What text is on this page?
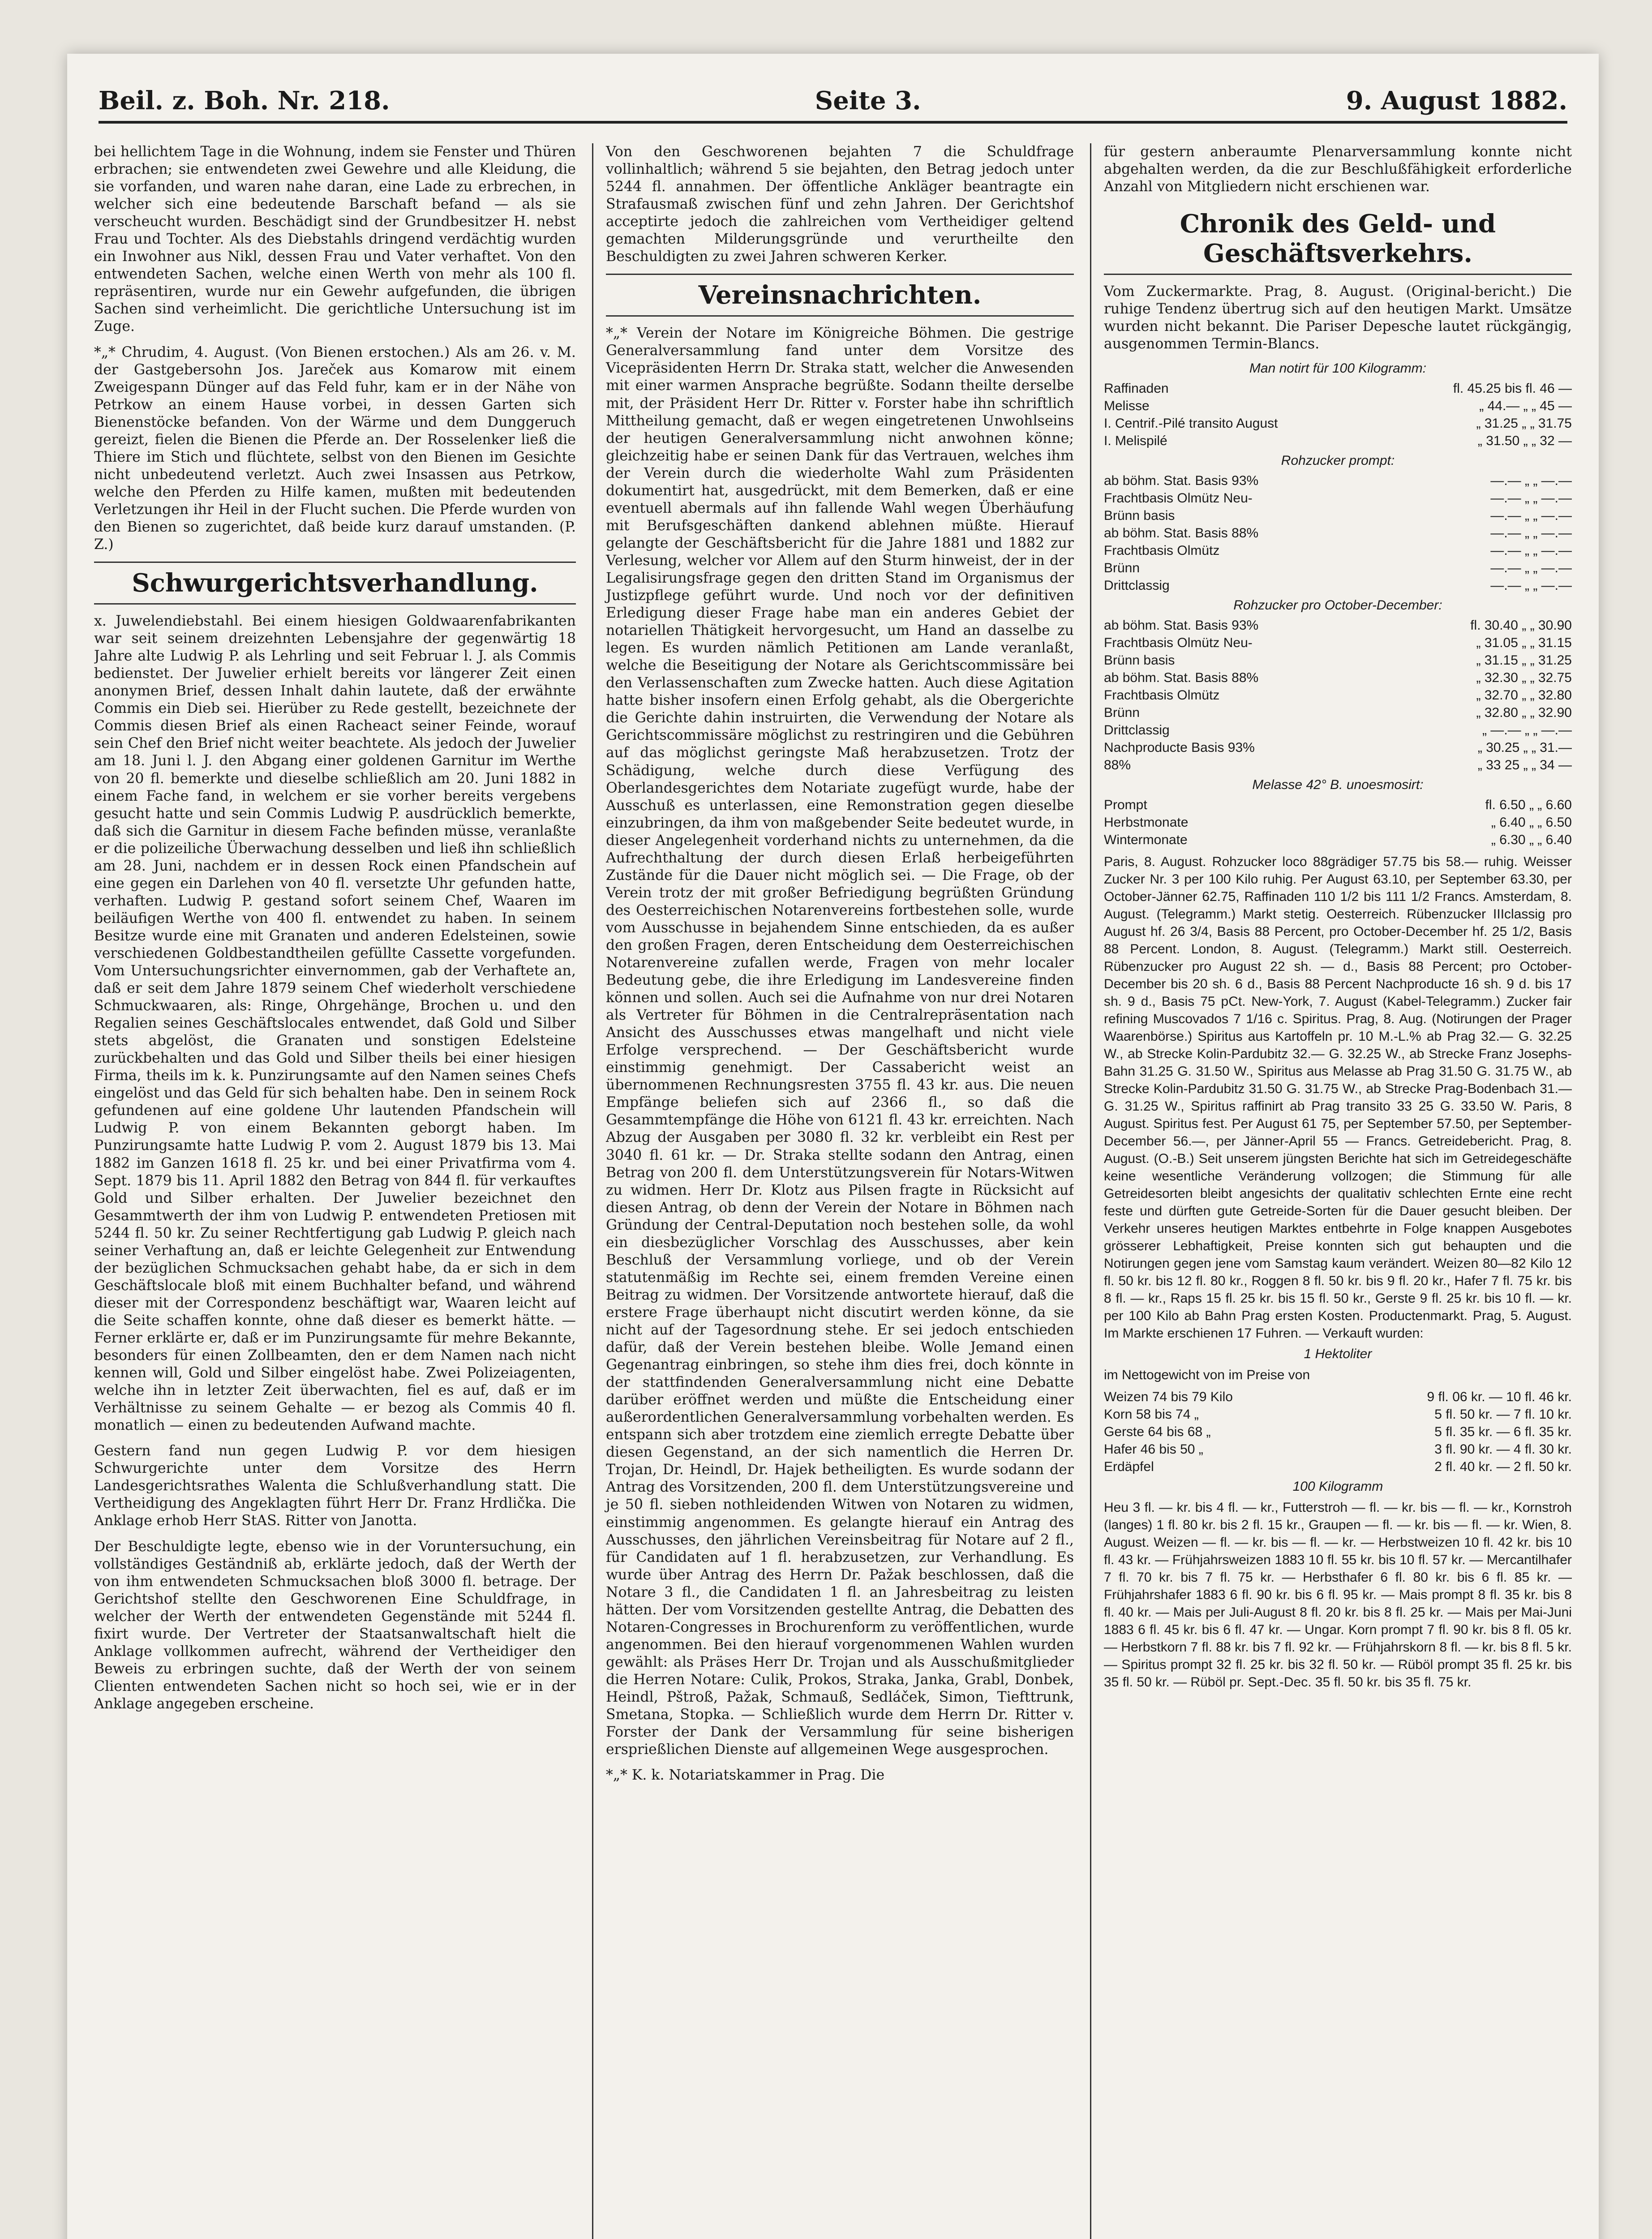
Beil. z. Boh. Nr. 218.	Seite 3.	9. August 1882.

bei hellichtem Tage in die Wohnung, indem sie Fenster und Thüren erbrachen; sie entwendeten zwei Gewehre und alle Kleidung, die sie vorfanden, und waren nahe daran, eine Lade zu erbrechen, in welcher sich eine bedeutende Barschaft befand — als sie verscheucht wurden. Beschädigt sind der Grundbesitzer H. nebst Frau und Tochter. Als des Diebstahls dringend verdächtig wurden ein Inwohner aus Nikl, dessen Frau und Vater verhaftet. Von den entwendeten Sachen, welche einen Werth von mehr als 100 fl. repräsentiren, wurde nur ein Gewehr aufgefunden, die übrigen Sachen sind verheimlicht. Die gerichtliche Untersuchung ist im Zuge.

*„* Chrudim, 4. August. (Von Bienen erstochen.) Als am 26. v. M. der Gastgebersohn Jos. Jareček aus Komarow mit einem Zweigespann Dünger auf das Feld fuhr, kam er in der Nähe von Petrkow an einem Hause vorbei, in dessen Garten sich Bienenstöcke befanden. Von der Wärme und dem Dunggeruch gereizt, fielen die Bienen die Pferde an. Der Rosselenker ließ die Thiere im Stich und flüchtete, selbst von den Bienen im Gesichte nicht unbedeutend verletzt. Auch zwei Insassen aus Petrkow, welche den Pferden zu Hilfe kamen, mußten mit bedeutenden Verletzungen ihr Heil in der Flucht suchen. Die Pferde wurden von den Bienen so zugerichtet, daß beide kurz darauf umstanden. (P. Z.)

Schwurgerichtsverhandlung.

x. Juwelendiebstahl. Bei einem hiesigen Goldwaarenfabrikanten war seit seinem dreizehnten Lebensjahre der gegenwärtig 18 Jahre alte Ludwig P. als Lehrling und seit Februar l. J. als Commis bedienstet. Der Juwelier erhielt bereits vor längerer Zeit einen anonymen Brief, dessen Inhalt dahin lautete, daß der erwähnte Commis ein Dieb sei. Hierüber zu Rede gestellt, bezeichnete der Commis diesen Brief als einen Racheact seiner Feinde, worauf sein Chef den Brief nicht weiter beachtete. Als jedoch der Juwelier am 18. Juni l. J. den Abgang einer goldenen Garnitur im Werthe von 20 fl. bemerkte und dieselbe schließlich am 20. Juni 1882 in einem Fache fand, in welchem er sie vorher bereits vergebens gesucht hatte und sein Commis Ludwig P. ausdrücklich bemerkte, daß sich die Garnitur in diesem Fache befinden müsse, veranlaßte er die polizeiliche Überwachung desselben und ließ ihn schließlich am 28. Juni, nachdem er in dessen Rock einen Pfandschein auf eine gegen ein Darlehen von 40 fl. versetzte Uhr gefunden hatte, verhaften. Ludwig P. gestand sofort seinem Chef, Waaren im beiläufigen Werthe von 400 fl. entwendet zu haben. In seinem Besitze wurde eine mit Granaten und anderen Edelsteinen, sowie verschiedenen Goldbestandtheilen gefüllte Cassette vorgefunden. Vom Untersuchungsrichter einvernommen, gab der Verhaftete an, daß er seit dem Jahre 1879 seinem Chef wiederholt verschiedene Schmuckwaaren, als: Ringe, Ohrgehänge, Brochen u. und den Regalien seines Geschäftslocales entwendet, daß Gold und Silber stets abgelöst, die Granaten und sonstigen Edelsteine zurückbehalten und das Gold und Silber theils bei einer hiesigen Firma, theils im k. k. Punzirungsamte auf den Namen seines Chefs eingelöst und das Geld für sich behalten habe. Den in seinem Rock gefundenen auf eine goldene Uhr lautenden Pfandschein will Ludwig P. von einem Bekannten geborgt haben. Im Punzirungsamte hatte Ludwig P. vom 2. August 1879 bis 13. Mai 1882 im Ganzen 1618 fl. 25 kr. und bei einer Privatfirma vom 4. Sept. 1879 bis 11. April 1882 den Betrag von 844 fl. für verkauftes Gold und Silber erhalten. Der Juwelier bezeichnet den Gesammtwerth der ihm von Ludwig P. entwendeten Pretiosen mit 5244 fl. 50 kr. Zu seiner Rechtfertigung gab Ludwig P. gleich nach seiner Verhaftung an, daß er leichte Gelegenheit zur Entwendung der bezüglichen Schmucksachen gehabt habe, da er sich in dem Geschäftslocale bloß mit einem Buchhalter befand, und während dieser mit der Correspondenz beschäftigt war, Waaren leicht auf die Seite schaffen konnte, ohne daß dieser es bemerkt hätte. — Ferner erklärte er, daß er im Punzirungsamte für mehre Bekannte, besonders für einen Zollbeamten, den er dem Namen nach nicht kennen will, Gold und Silber eingelöst habe. Zwei Polizeiagenten, welche ihn in letzter Zeit überwachten, fiel es auf, daß er im Verhältnisse zu seinem Gehalte — er bezog als Commis 40 fl. monatlich — einen zu bedeutenden Aufwand machte.

Gestern fand nun gegen Ludwig P. vor dem hiesigen Schwurgerichte unter dem Vorsitze des Herrn Landesgerichtsrathes Walenta die Schlußverhandlung statt. Die Vertheidigung des Angeklagten führt Herr Dr. Franz Hrdlička. Die Anklage erhob Herr StAS. Ritter von Janotta.

Der Beschuldigte legte, ebenso wie in der Voruntersuchung, ein vollständiges Geständniß ab, erklärte jedoch, daß der Werth der von ihm entwendeten Schmucksachen bloß 3000 fl. betrage. Der Gerichtshof stellte den Geschworenen Eine Schuldfrage, in welcher der Werth der entwendeten Gegenstände mit 5244 fl. fixirt wurde. Der Vertreter der Staatsanwaltschaft hielt die Anklage vollkommen aufrecht, während der Vertheidiger den Beweis zu erbringen suchte, daß der Werth der von seinem Clienten entwendeten Sachen nicht so hoch sei, wie er in der Anklage angegeben erscheine.

Von den Geschworenen bejahten 7 die Schuldfrage vollinhaltlich; während 5 sie bejahten, den Betrag jedoch unter 5244 fl. annahmen. Der öffentliche Ankläger beantragte ein Strafausmaß zwischen fünf und zehn Jahren. Der Gerichtshof acceptirte jedoch die zahlreichen vom Vertheidiger geltend gemachten Milderungsgründe und verurtheilte den Beschuldigten zu zwei Jahren schweren Kerker.

Vereinsnachrichten.

*„* Verein der Notare im Königreiche Böhmen. Die gestrige Generalversammlung fand unter dem Vorsitze des Vicepräsidenten Herrn Dr. Straka statt, welcher die Anwesenden mit einer warmen Ansprache begrüßte. Sodann theilte derselbe mit, der Präsident Herr Dr. Ritter v. Forster habe ihn schriftlich Mittheilung gemacht, daß er wegen eingetretenen Unwohlseins der heutigen Generalversammlung nicht anwohnen könne; gleichzeitig habe er seinen Dank für das Vertrauen, welches ihm der Verein durch die wiederholte Wahl zum Präsidenten dokumentirt hat, ausgedrückt, mit dem Bemerken, daß er eine eventuell abermals auf ihn fallende Wahl wegen Überhäufung mit Berufsgeschäften dankend ablehnen müßte. Hierauf gelangte der Geschäftsbericht für die Jahre 1881 und 1882 zur Verlesung, welcher vor Allem auf den Sturm hinweist, der in der Legalisirungsfrage gegen den dritten Stand im Organismus der Justizpflege geführt wurde. Und noch vor der definitiven Erledigung dieser Frage habe man ein anderes Gebiet der notariellen Thätigkeit hervorgesucht, um Hand an dasselbe zu legen. Es wurden nämlich Petitionen am Lande veranlaßt, welche die Beseitigung der Notare als Gerichtscommissäre bei den Verlassenschaften zum Zwecke hatten. Auch diese Agitation hatte bisher insofern einen Erfolg gehabt, als die Obergerichte die Gerichte dahin instruirten, die Verwendung der Notare als Gerichtscommissäre möglichst zu restringiren und die Gebühren auf das möglichst geringste Maß herabzusetzen. Trotz der Schädigung, welche durch diese Verfügung des Oberlandesgerichtes dem Notariate zugefügt wurde, habe der Ausschuß es unterlassen, eine Remonstration gegen dieselbe einzubringen, da ihm von maßgebender Seite bedeutet wurde, in dieser Angelegenheit vorderhand nichts zu unternehmen, da die Aufrechthaltung der durch diesen Erlaß herbeigeführten Zustände für die Dauer nicht möglich sei. — Die Frage, ob der Verein trotz der mit großer Befriedigung begrüßten Gründung des Oesterreichischen Notarenvereins fortbestehen solle, wurde vom Ausschusse in bejahendem Sinne entschieden, da es außer den großen Fragen, deren Entscheidung dem Oesterreichischen Notarenvereine zufallen werde, Fragen von mehr localer Bedeutung gebe, die ihre Erledigung im Landesvereine finden können und sollen. Auch sei die Aufnahme von nur drei Notaren als Vertreter für Böhmen in die Centralrepräsentation nach Ansicht des Ausschusses etwas mangelhaft und nicht viele Erfolge versprechend. — Der Geschäftsbericht wurde einstimmig genehmigt. Der Cassabericht weist an übernommenen Rechnungsresten 3755 fl. 43 kr. aus. Die neuen Empfänge beliefen sich auf 2366 fl., so daß die Gesammtempfänge die Höhe von 6121 fl. 43 kr. erreichten. Nach Abzug der Ausgaben per 3080 fl. 32 kr. verbleibt ein Rest per 3040 fl. 61 kr. — Dr. Straka stellte sodann den Antrag, einen Betrag von 200 fl. dem Unterstützungsverein für Notars-Witwen zu widmen. Herr Dr. Klotz aus Pilsen fragte in Rücksicht auf diesen Antrag, ob denn der Verein der Notare in Böhmen nach Gründung der Central-Deputation noch bestehen solle, da wohl ein diesbezüglicher Vorschlag des Ausschusses, aber kein Beschluß der Versammlung vorliege, und ob der Verein statutenmäßig im Rechte sei, einem fremden Vereine einen Beitrag zu widmen. Der Vorsitzende antwortete hierauf, daß die erstere Frage überhaupt nicht discutirt werden könne, da sie nicht auf der Tagesordnung stehe. Er sei jedoch entschieden dafür, daß der Verein bestehen bleibe. Wolle Jemand einen Gegenantrag einbringen, so stehe ihm dies frei, doch könnte in der stattfindenden Generalversammlung nicht eine Debatte darüber eröffnet werden und müßte die Entscheidung einer außerordentlichen Generalversammlung vorbehalten werden. Es entspann sich aber trotzdem eine ziemlich erregte Debatte über diesen Gegenstand, an der sich namentlich die Herren Dr. Trojan, Dr. Heindl, Dr. Hajek betheiligten. Es wurde sodann der Antrag des Vorsitzenden, 200 fl. dem Unterstützungsvereine und je 50 fl. sieben nothleidenden Witwen von Notaren zu widmen, einstimmig angenommen. Es gelangte hierauf ein Antrag des Ausschusses, den jährlichen Vereinsbeitrag für Notare auf 2 fl., für Candidaten auf 1 fl. herabzusetzen, zur Verhandlung. Es wurde über Antrag des Herrn Dr. Pažak beschlossen, daß die Notare 3 fl., die Candidaten 1 fl. an Jahresbeitrag zu leisten hätten. Der vom Vorsitzenden gestellte Antrag, die Debatten des Notaren-Congresses in Brochurenform zu veröffentlichen, wurde angenommen. Bei den hierauf vorgenommenen Wahlen wurden gewählt: als Präses Herr Dr. Trojan und als Ausschußmitglieder die Herren Notare: Culik, Prokos, Straka, Janka, Grabl, Donbek, Heindl, Pštroß, Pažak, Schmauß, Sedláček, Simon, Tiefttrunk, Smetana, Stopka. — Schließlich wurde dem Herrn Dr. Ritter v. Forster der Dank der Versammlung für seine bisherigen ersprießlichen Dienste auf allgemeinen Wege ausgesprochen.

*„* K. k. Notariatskammer in Prag. Die

für gestern anberaumte Plenarversammlung konnte nicht abgehalten werden, da die zur Beschlußfähigkeit erforderliche Anzahl von Mitgliedern nicht erschienen war.

Chronik des Geld- und Geschäftsverkehrs.

Vom Zuckermarkte. Prag, 8. August. (Original-bericht.) Die ruhige Tendenz übertrug sich auf den heutigen Markt. Umsätze wurden nicht bekannt. Die Pariser Depesche lautet rückgängig, ausgenommen Termin-Blancs.

Man notirt für 100 Kilogramm:
Raffinaden	fl. 45.25 bis fl. 46 —
Melisse	„ 44.— „ „ 45 —
I. Centrif.-Pilé transito August	„ 31.25 „ „ 31.75
I. Melispilé	„ 31.50 „ „ 32 —
Rohzucker prompt:
ab böhm. Stat. Basis 93%	—.— „ „ —.—
Frachtbasis Olmütz Neu-	—.— „ „ —.—
Brünn basis	—.— „ „ —.—
ab böhm. Stat. Basis 88%	—.— „ „ —.—
Frachtbasis Olmütz	—.— „ „ —.—
Brünn	—.— „ „ —.—
Drittclassig	—.— „ „ —.—
Rohzucker pro October-December:
ab böhm. Stat. Basis 93%	fl. 30.40 „ „ 30.90
Frachtbasis Olmütz Neu-	„ 31.05 „ „ 31.15
Brünn basis	„ 31.15 „ „ 31.25
ab böhm. Stat. Basis 88%	„ 32.30 „ „ 32.75
Frachtbasis Olmütz	„ 32.70 „ „ 32.80
Brünn	„ 32.80 „ „ 32.90
Drittclassig	„ —.— „ „ —.—
Nachproducte Basis 93%	„ 30.25 „ „ 31.—
88%	„ 33 25 „ „ 34 —
Melasse 42° B. unoesmosirt:
Prompt	fl. 6.50 „ „ 6.60
Herbstmonate	„ 6.40 „ „ 6.50
Wintermonate	„ 6.30 „ „ 6.40
Paris, 8. August. Rohzucker loco 88grädiger 57.75 bis 58.— ruhig. Weisser Zucker Nr. 3 per 100 Kilo ruhig. Per August 63.10, per September 63.30, per October-Jänner 62.75, Raffinaden 110 1/2 bis 111 1/2 Francs. Amsterdam, 8. August. (Telegramm.) Markt stetig. Oesterreich. Rübenzucker IIIclassig pro August hf. 26 3/4, Basis 88 Percent, pro October-December hf. 25 1/2, Basis 88 Percent. London, 8. August. (Telegramm.) Markt still. Oesterreich. Rübenzucker pro August 22 sh. — d., Basis 88 Percent; pro October-December bis 20 sh. 6 d., Basis 88 Percent Nachproducte 16 sh. 9 d. bis 17 sh. 9 d., Basis 75 pCt. New-York, 7. August (Kabel-Telegramm.) Zucker fair refining Muscovados 7 1/16 c. Spiritus. Prag, 8. Aug. (Notirungen der Prager Waarenbörse.) Spiritus aus Kartoffeln pr. 10 M.-L.% ab Prag 32.— G. 32.25 W., ab Strecke Kolin-Pardubitz 32.— G. 32.25 W., ab Strecke Franz Josephs-Bahn 31.25 G. 31.50 W., Spiritus aus Melasse ab Prag 31.50 G. 31.75 W., ab Strecke Kolin-Pardubitz 31.50 G. 31.75 W., ab Strecke Prag-Bodenbach 31.— G. 31.25 W., Spiritus raffinirt ab Prag transito 33 25 G. 33.50 W. Paris, 8 August. Spiritus fest. Per August 61 75, per September 57.50, per September-December 56.—, per Jänner-April 55 — Francs. Getreidebericht. Prag, 8. August. (O.-B.) Seit unserem jüngsten Berichte hat sich im Getreidegeschäfte keine wesentliche Veränderung vollzogen; die Stimmung für alle Getreidesorten bleibt angesichts der qualitativ schlechten Ernte eine recht feste und dürften gute Getreide-Sorten für die Dauer gesucht bleiben. Der Verkehr unseres heutigen Marktes entbehrte in Folge knappen Ausgebotes grösserer Lebhaftigkeit, Preise konnten sich gut behaupten und die Notirungen gegen jene vom Samstag kaum verändert. Weizen 80—82 Kilo 12 fl. 50 kr. bis 12 fl. 80 kr., Roggen 8 fl. 50 kr. bis 9 fl. 20 kr., Hafer 7 fl. 75 kr. bis 8 fl. — kr., Raps 15 fl. 25 kr. bis 15 fl. 50 kr., Gerste 9 fl. 25 kr. bis 10 fl. — kr. per 100 Kilo ab Bahn Prag ersten Kosten. Productenmarkt. Prag, 5. August. Im Markte erschienen 17 Fuhren. — Verkauft wurden:
1 Hektoliter
im Nettogewicht von im Preise von
Weizen 74 bis 79 Kilo	9 fl. 06 kr. — 10 fl. 46 kr.
Korn 58 bis 74 „	5 fl. 50 kr. — 7 fl. 10 kr.
Gerste 64 bis 68 „	5 fl. 35 kr. — 6 fl. 35 kr.
Hafer 46 bis 50 „	3 fl. 90 kr. — 4 fl. 30 kr.
Erdäpfel	2 fl. 40 kr. — 2 fl. 50 kr.
100 Kilogramm
Heu 3 fl. — kr. bis 4 fl. — kr., Futterstroh — fl. — kr. bis — fl. — kr., Kornstroh (langes) 1 fl. 80 kr. bis 2 fl. 15 kr., Graupen — fl. — kr. bis — fl. — kr. Wien, 8. August. Weizen — fl. — kr. bis — fl. — kr. — Herbstweizen 10 fl. 42 kr. bis 10 fl. 43 kr. — Frühjahrsweizen 1883 10 fl. 55 kr. bis 10 fl. 57 kr. — Mercantilhafer 7 fl. 70 kr. bis 7 fl. 75 kr. — Herbsthafer 6 fl. 80 kr. bis 6 fl. 85 kr. — Frühjahrshafer 1883 6 fl. 90 kr. bis 6 fl. 95 kr. — Mais prompt 8 fl. 35 kr. bis 8 fl. 40 kr. — Mais per Juli-August 8 fl. 20 kr. bis 8 fl. 25 kr. — Mais per Mai-Juni 1883 6 fl. 45 kr. bis 6 fl. 47 kr. — Ungar. Korn prompt 7 fl. 90 kr. bis 8 fl. 05 kr. — Herbstkorn 7 fl. 88 kr. bis 7 fl. 92 kr. — Frühjahrskorn 8 fl. — kr. bis 8 fl. 5 kr. — Spiritus prompt 32 fl. 25 kr. bis 32 fl. 50 kr. — Rüböl prompt 35 fl. 25 kr. bis 35 fl. 50 kr. — Rüböl pr. Sept.-Dec. 35 fl. 50 kr. bis 35 fl. 75 kr.
